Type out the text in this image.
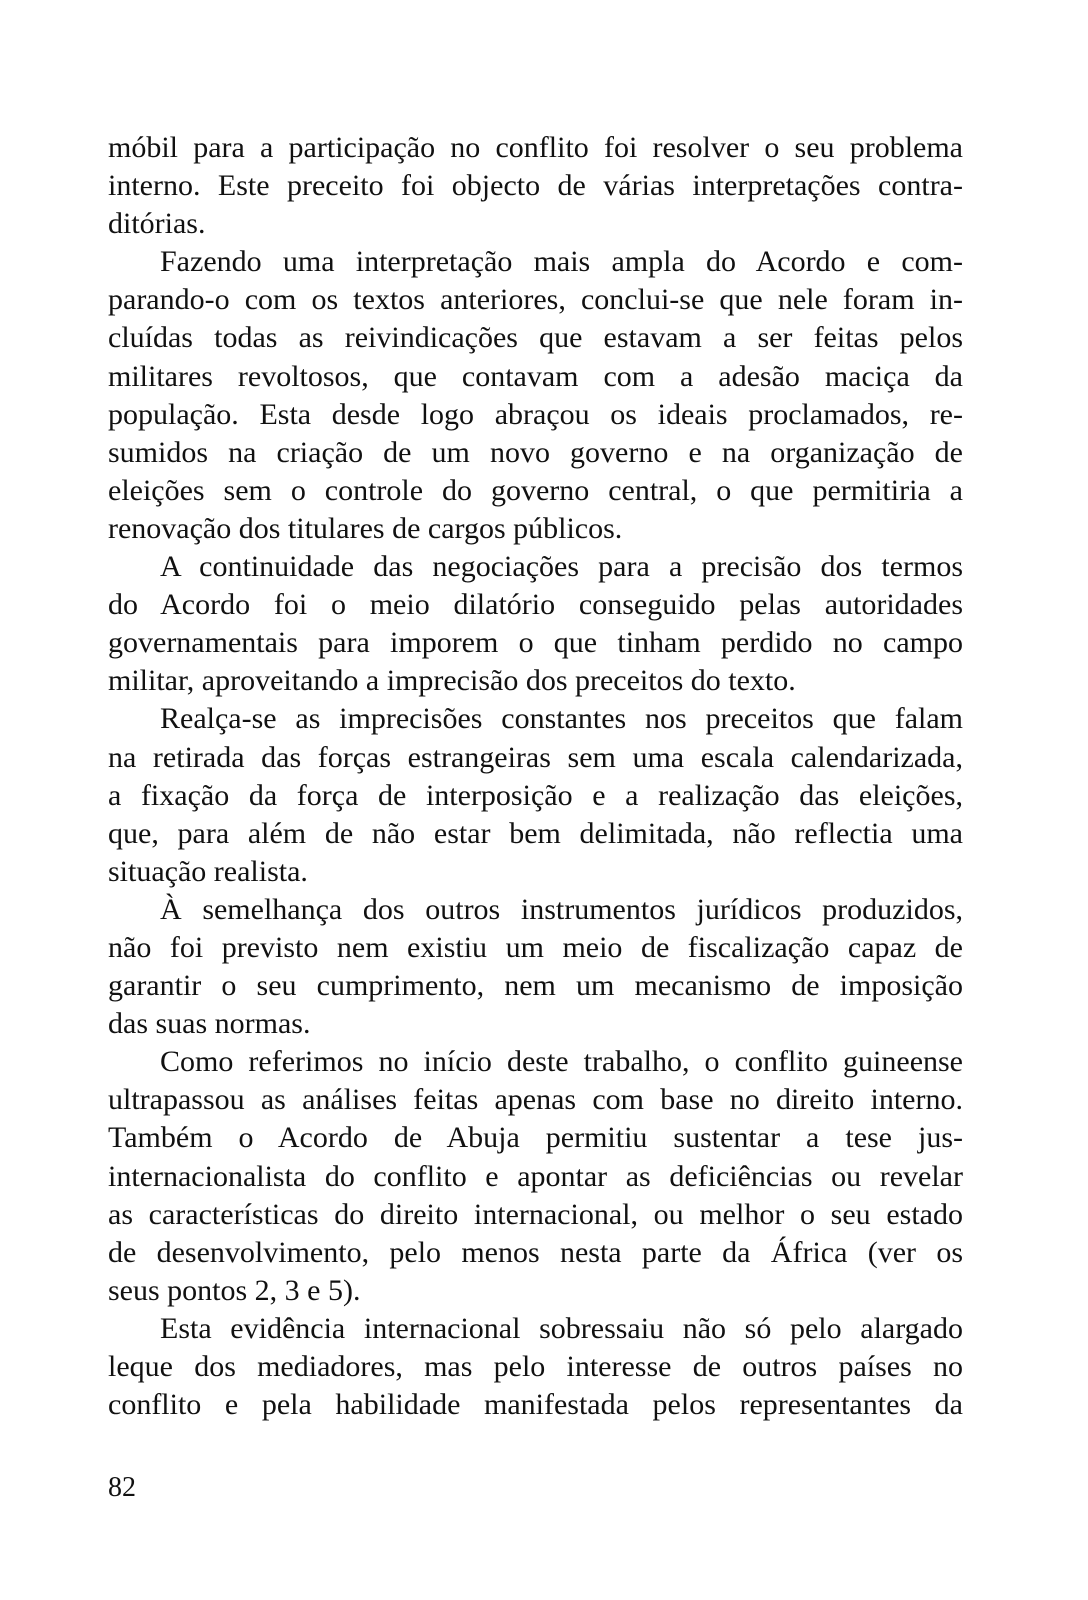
móbil para a participação no conflito foi resolver o seu problema
interno. Este preceito foi objecto de várias interpretações contra-
ditórias.
Fazendo uma interpretação mais ampla do Acordo e com-
parando-o com os textos anteriores, conclui-se que nele foram in-
cluídas todas as reivindicações que estavam a ser feitas pelos
militares revoltosos, que contavam com a adesão maciça da
população. Esta desde logo abraçou os ideais proclamados, re-
sumidos na criação de um novo governo e na organização de
eleições sem o controle do governo central, o que permitiria a
renovação dos titulares de cargos públicos.
A continuidade das negociações para a precisão dos termos
do Acordo foi o meio dilatório conseguido pelas autoridades
governamentais para imporem o que tinham perdido no campo
militar, aproveitando a imprecisão dos preceitos do texto.
Realça-se as imprecisões constantes nos preceitos que falam
na retirada das forças estrangeiras sem uma escala calendarizada,
a fixação da força de interposição e a realização das eleições,
que, para além de não estar bem delimitada, não reflectia uma
situação realista.
À semelhança dos outros instrumentos jurídicos produzidos,
não foi previsto nem existiu um meio de fiscalização capaz de
garantir o seu cumprimento, nem um mecanismo de imposição
das suas normas.
Como referimos no início deste trabalho, o conflito guineense
ultrapassou as análises feitas apenas com base no direito interno.
Também o Acordo de Abuja permitiu sustentar a tese jus-
internacionalista do conflito e apontar as deficiências ou revelar
as características do direito internacional, ou melhor o seu estado
de desenvolvimento, pelo menos nesta parte da África (ver os
seus pontos 2, 3 e 5).
Esta evidência internacional sobressaiu não só pelo alargado
leque dos mediadores, mas pelo interesse de outros países no
conflito e pela habilidade manifestada pelos representantes da
82
